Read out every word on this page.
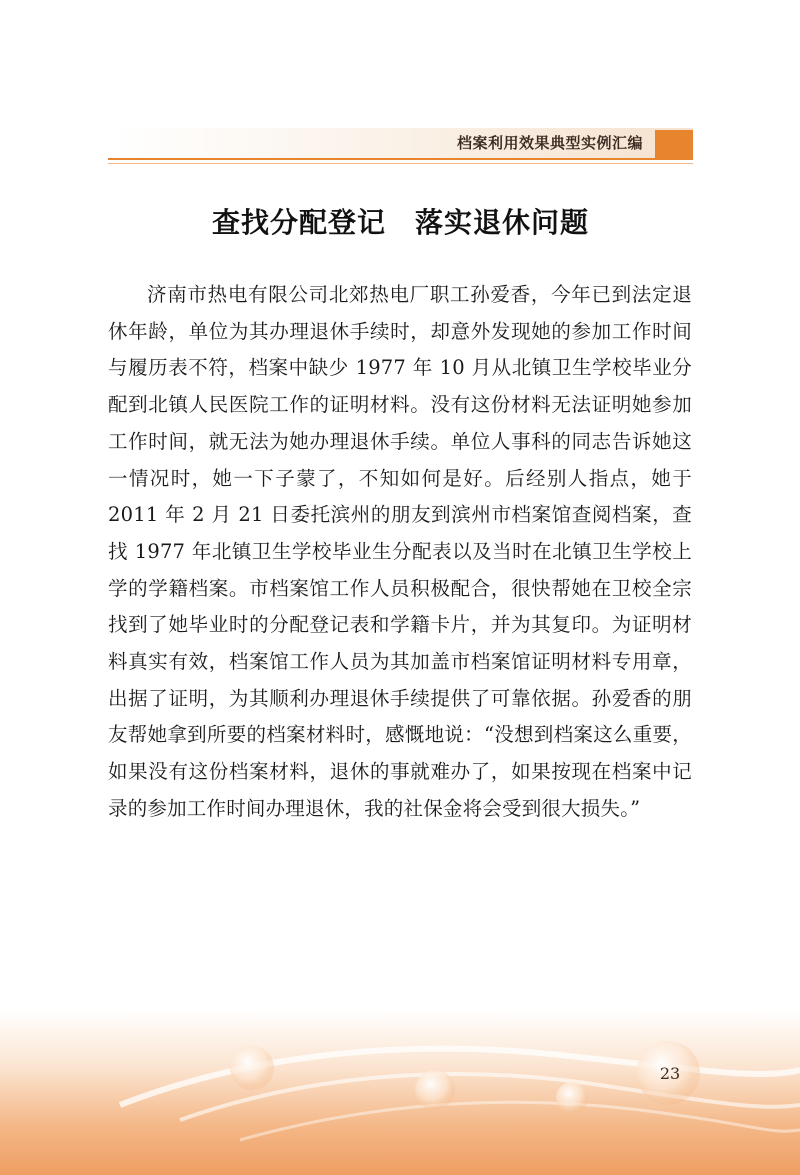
档案利用效果典型实例汇编
查找分配登记　落实退休问题

济南市热电有限公司北郊热电厂职工孙爱香，今年已到法定退休年龄，单位为其办理退休手续时，却意外发现她的参加工作时间与履历表不符，档案中缺少 1977 年 10 月从北镇卫生学校毕业分配到北镇人民医院工作的证明材料。没有这份材料无法证明她参加工作时间，就无法为她办理退休手续。单位人事科的同志告诉她这一情况时，她一下子蒙了，不知如何是好。后经别人指点，她于 2011 年 2 月 21 日委托滨州的朋友到滨州市档案馆查阅档案，查找 1977 年北镇卫生学校毕业生分配表以及当时在北镇卫生学校上学的学籍档案。市档案馆工作人员积极配合，很快帮她在卫校全宗找到了她毕业时的分配登记表和学籍卡片，并为其复印。为证明材料真实有效，档案馆工作人员为其加盖市档案馆证明材料专用章，出据了证明，为其顺利办理退休手续提供了可靠依据。孙爱香的朋友帮她拿到所要的档案材料时，感慨地说：“没想到档案这么重要，如果没有这份档案材料，退休的事就难办了，如果按现在档案中记录的参加工作时间办理退休，我的社保金将会受到很大损失。”

23
